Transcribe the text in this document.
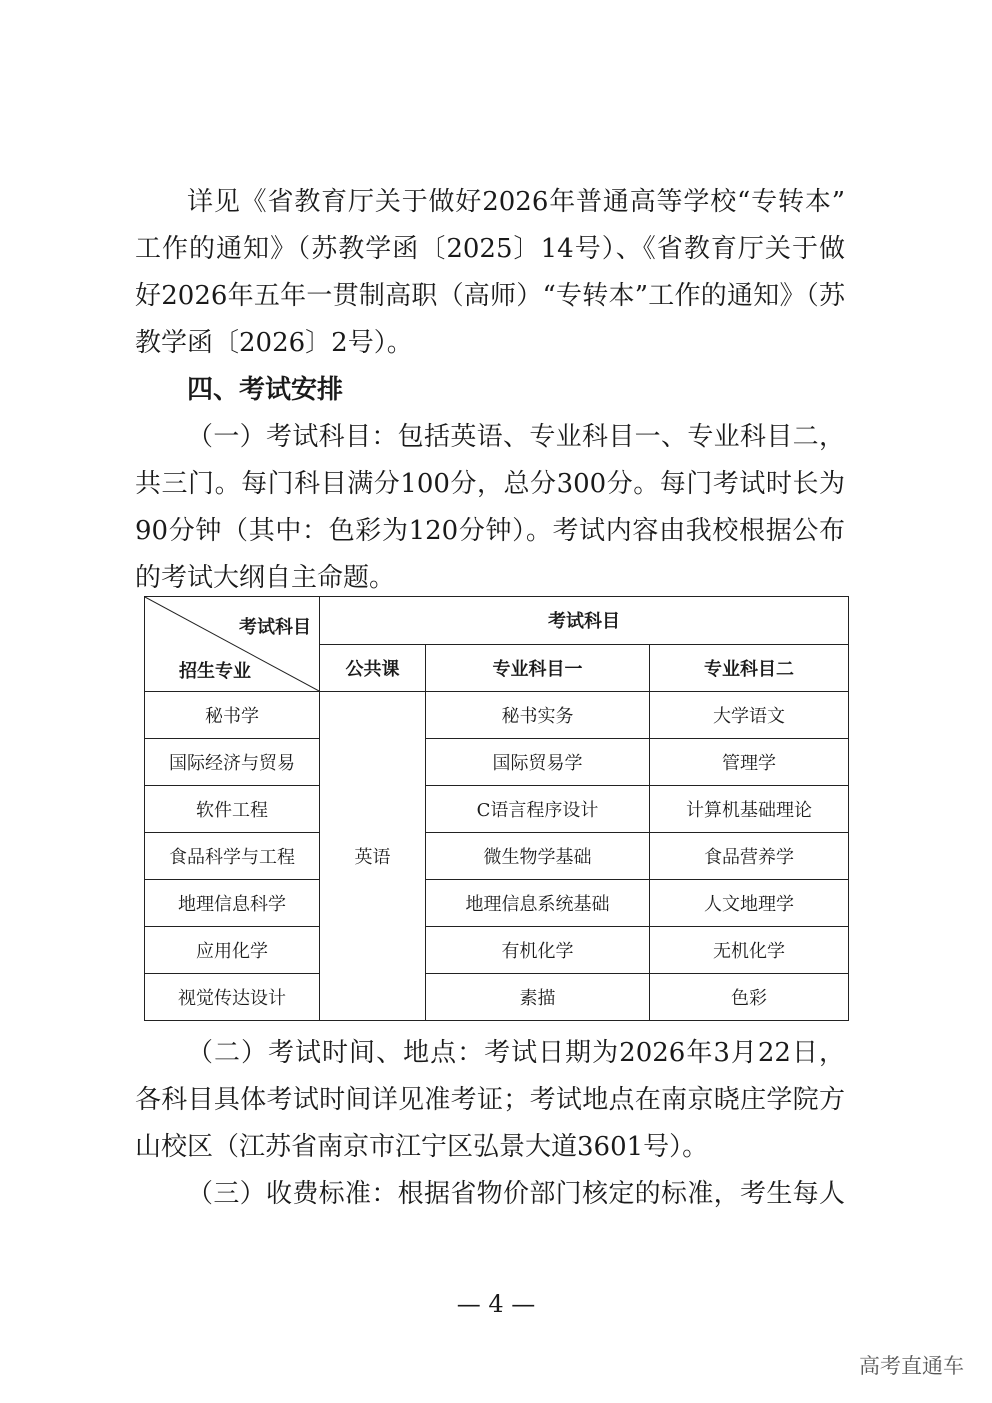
详见《省教育厅关于做好2026年普通高等学校“专转本”
工作的通知》（苏教学函〔2025〕14号）、《省教育厅关于做
好2026年五年一贯制高职（高师）“专转本”工作的通知》（苏
教学函〔2026〕2号）。
四、考试安排
（一）考试科目：包括英语、专业科目一、专业科目二，
共三门。每门科目满分100分，总分300分。每门考试时长为
90分钟（其中：色彩为120分钟）。考试内容由我校根据公布
的考试大纲自主命题。
考试科目
招生专业	考试科目		
	公共课	专业科目一	专业科目二
秘书学	英语	秘书实务	大学语文
国际经济与贸易		国际贸易学	管理学
软件工程		C语言程序设计	计算机基础理论
食品科学与工程		微生物学基础	食品营养学
地理信息科学		地理信息系统基础	人文地理学
应用化学		有机化学	无机化学
视觉传达设计		素描	色彩
（二）考试时间、地点：考试日期为2026年3月22日，
各科目具体考试时间详见准考证；考试地点在南京晓庄学院方
山校区（江苏省南京市江宁区弘景大道3601号）。
（三）收费标准：根据省物价部门核定的标准，考生每人
— 4 —
高考直通车
